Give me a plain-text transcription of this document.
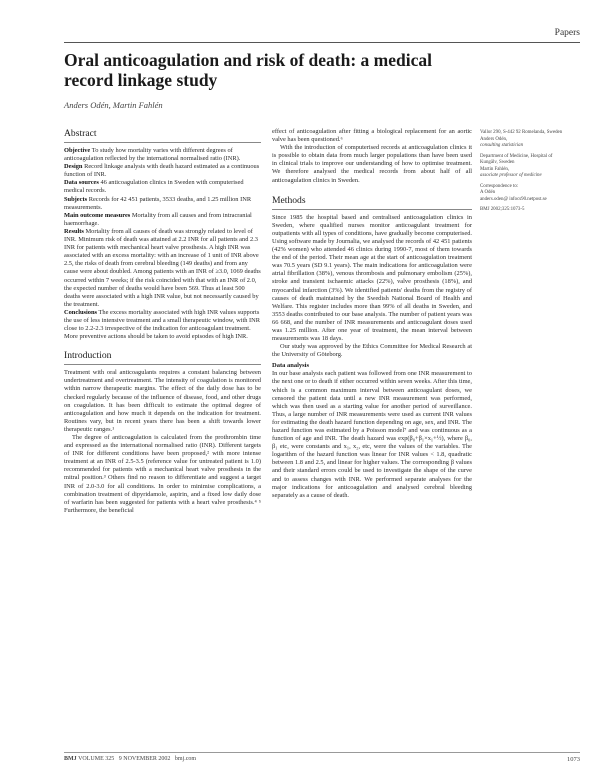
Papers
Oral anticoagulation and risk of death: a medical record linkage study
Anders Odén, Martin Fahlén
Abstract

Objective To study how mortality varies with different degrees of anticoagulation reflected by the international normalised ratio (INR).

Design Record linkage analysis with death hazard estimated as a continuous function of INR.

Data sources 46 anticoagulation clinics in Sweden with computerised medical records.

Subjects Records for 42 451 patients, 3533 deaths, and 1.25 million INR measurements.

Main outcome measures Mortality from all causes and from intracranial haemorrhage.

Results Mortality from all causes of death was strongly related to level of INR. Minimum risk of death was attained at 2.2 INR for all patients and 2.3 INR for patients with mechanical heart valve prosthesis. A high INR was associated with an excess mortality: with an increase of 1 unit of INR above 2.5, the risks of death from cerebral bleeding (149 deaths) and from any cause were about doubled. Among patients with an INR of ≥3.0, 1069 deaths occurred within 7 weeks; if the risk coincided with that with an INR of 2.0, the expected number of deaths would have been 569. Thus at least 500 deaths were associated with a high INR value, but not necessarily caused by the treatment.

Conclusions The excess mortality associated with high INR values supports the use of less intensive treatment and a small therapeutic window, with INR close to 2.2-2.3 irrespective of the indication for anticoagulant treatment. More preventive actions should be taken to avoid episodes of high INR.

Introduction

Treatment with oral anticoagulants requires a constant balancing between undertreatment and overtreatment. The intensity of coagulation is monitored within narrow therapeutic margins. The effect of the daily dose has to be checked regularly because of the influence of disease, food, and other drugs on coagulation. It has been difficult to estimate the optimal degree of anticoagulation and how much it depends on the indication for treatment. Routines vary, but in recent years there has been a shift towards lower therapeutic ranges.¹

The degree of anticoagulation is calculated from the prothrombin time and expressed as the international normalised ratio (INR). Different targets of INR for different conditions have been proposed,² with more intense treatment at an INR of 2.5-3.5 (reference value for untreated patient is 1.0) recommended for patients with a mechanical heart valve prosthesis in the mitral position.³ Others find no reason to differentiate and suggest a target INR of 2.0-3.0 for all conditions. In order to minimise complications, a combination treatment of dipyridamole, aspirin, and a fixed low daily dose of warfarin has been suggested for patients with a heart valve prosthesis.⁴ ⁵ Furthermore, the beneficial

effect of anticoagulation after fitting a biological replacement for an aortic valve has been questioned.⁶

With the introduction of computerised records at anticoagulation clinics it is possible to obtain data from much larger populations than have been used in clinical trials to improve our understanding of how to optimise treatment. We therefore analysed the medical records from about half of all anticoagulation clinics in Sweden.

Methods

Since 1985 the hospital based and centralised anticoagulation clinics in Sweden, where qualified nurses monitor anticoagulant treatment for outpatients with all types of conditions, have gradually become computerised. Using software made by Journalia, we analysed the records of 42 451 patients (42% women) who attended 46 clinics during 1990-7, most of them towards the end of the period. Their mean age at the start of anticoagulation treatment was 70.5 years (SD 9.1 years). The main indications for anticoagulation were atrial fibrillation (38%), venous thrombosis and pulmonary embolism (25%), stroke and transient ischaemic attacks (22%), valve prosthesis (18%), and myocardial infarction (3%). We identified patients' deaths from the registry of causes of death maintained by the Swedish National Board of Health and Welfare. This register includes more than 99% of all deaths in Sweden, and 3553 deaths contributed to our base analysis. The number of patient years was 66 668, and the number of INR measurements and anticoagulant doses used was 1.25 million. After one year of treatment, the mean interval between measurements was 18 days.

Our study was approved by the Ethics Committee for Medical Research at the University of Göteborg.

Data analysis

In our base analysis each patient was followed from one INR measurement to the next one or to death if either occurred within seven weeks. After this time, which is a common maximum interval between anticoagulant doses, we censored the patient data until a new INR measurement was performed, which was then used as a starting value for another period of surveillance. Thus, a large number of INR measurements were used as current INR values for estimating the death hazard function depending on age, sex, and INR. The hazard function was estimated by a Poisson model⁷ and was continuous as a function of age and INR. The death hazard was exp(β₀+β₁×x₁+½), where β₀, β₁ etc, were constants and x₁, x₂, etc, were the values of the variables. The logarithm of the hazard function was linear for INR values < 1.8, quadratic between 1.8 and 2.5, and linear for higher values. The corresponding β values and their standard errors could be used to investigate the shape of the curve and to assess changes with INR. We performed separate analyses for the major indications for anticoagulation and analysed cerebral bleeding separately as a cause of death.

Vallor 290, S-442 92 Romelanda, Sweden
Anders Odén,
consulting statistician
Department of Medicine, Hospital of Kungälv, Sweden
Martin Fahlén,
associate professor of medicine
Correspondence to:
A Odén
anders.oden@ infocs90.netpost.se
BMJ 2002;325:1073-5
BMJ VOLUME 325 9 NOVEMBER 2002 bmj.com	1073
